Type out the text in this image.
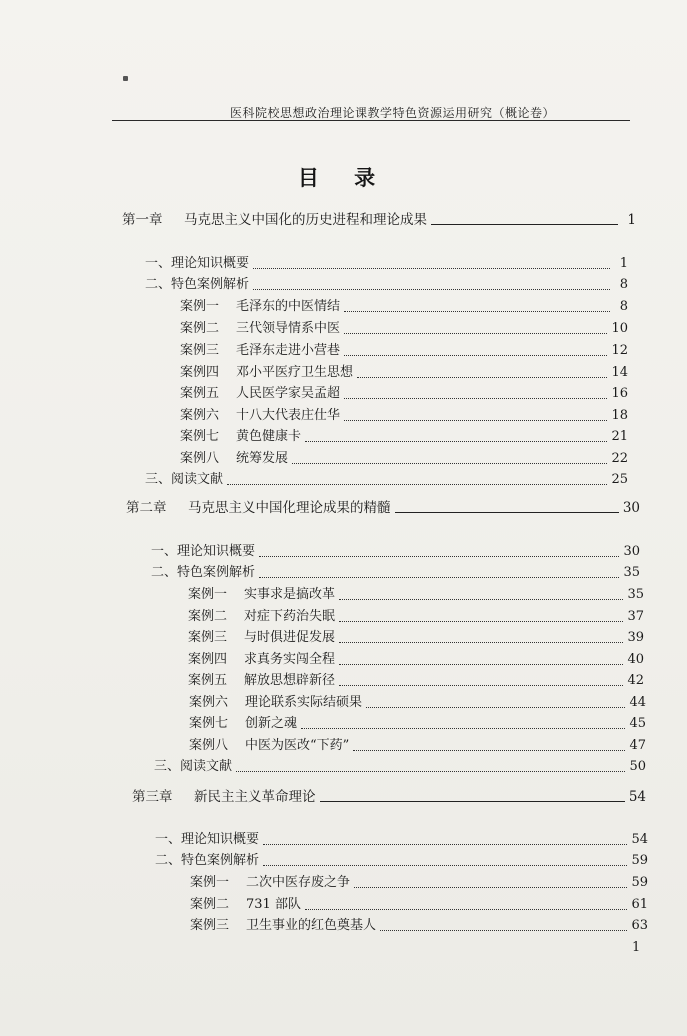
医科院校思想政治理论课教学特色资源运用研究（概论卷）
目 录
第一章	马克思主义中国化的历史进程和理论成果	1
一、理论知识概要	1
二、特色案例解析	8
案例一	毛泽东的中医情结	8
案例二	三代领导情系中医	10
案例三	毛泽东走进小营巷	12
案例四	邓小平医疗卫生思想	14
案例五	人民医学家吴孟超	16
案例六	十八大代表庄仕华	18
案例七	黄色健康卡	21
案例八	统筹发展	22
三、阅读文献	25
第二章	马克思主义中国化理论成果的精髓	30
一、理论知识概要	30
二、特色案例解析	35
案例一	实事求是搞改革	35
案例二	对症下药治失眠	37
案例三	与时俱进促发展	39
案例四	求真务实闯全程	40
案例五	解放思想辟新径	42
案例六	理论联系实际结硕果	44
案例七	创新之魂	45
案例八	中医为医改“下药”	47
三、阅读文献	50
第三章	新民主主义革命理论	54
一、理论知识概要	54
二、特色案例解析	59
案例一	二次中医存废之争	59
案例二	731 部队	61
案例三	卫生事业的红色奠基人	63
1
